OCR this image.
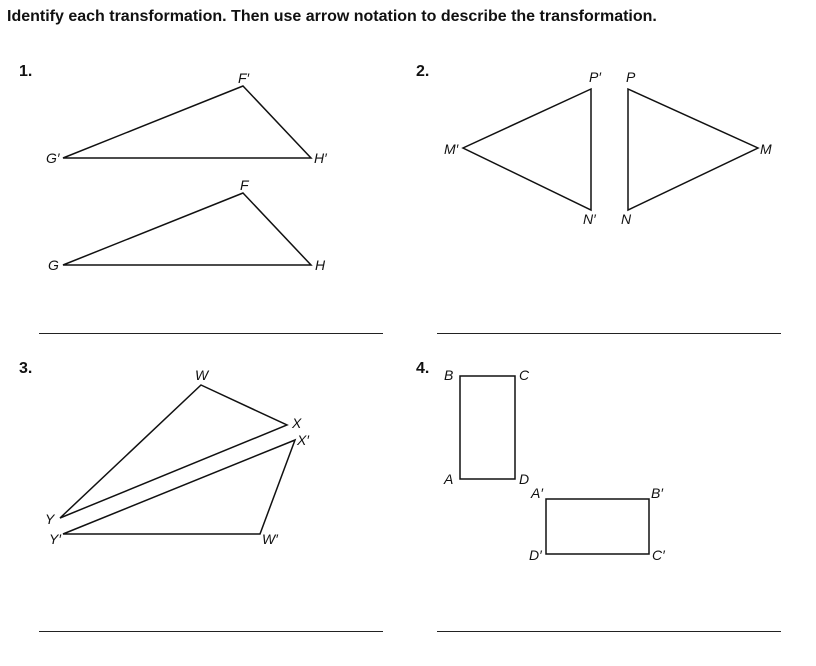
Identify each transformation. Then use arrow notation to describe the transformation.
1.	2.
3.	4.
F′
G′	H′
F
G	H
P′
M′
N′
P
M
N
W
X
X′
Y
Y′	W′
B	C
A	D
A′	B′
D′	C′
